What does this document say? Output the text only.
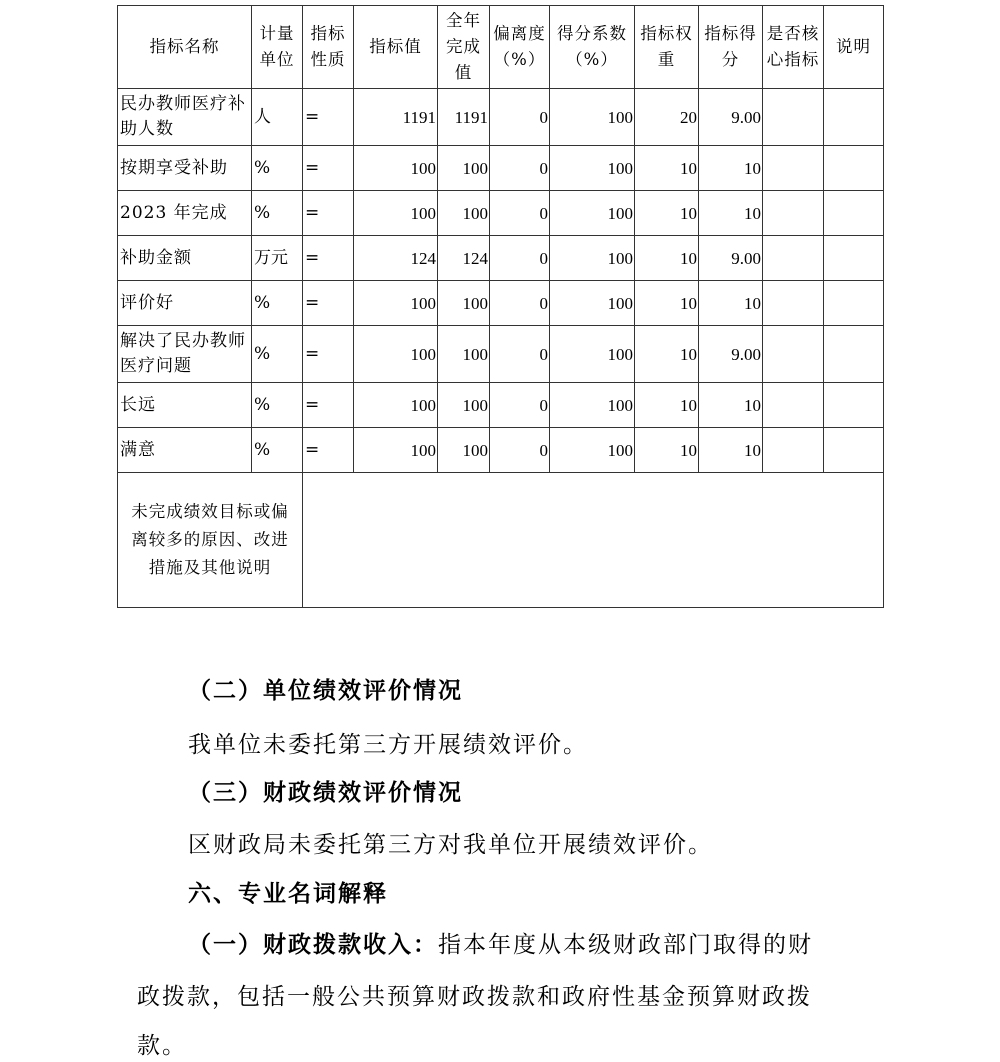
指标名称	计量单位	指标性质	指标值	全年完成值	偏离度（%）	得分系数（%）	指标权重	指标得分	是否核心指标	说明
民办教师医疗补助人数	人	=	1191	1191	0	100	20	9.00		
按期享受补助	%	=	100	100	0	100	10	10		
2023 年完成	%	=	100	100	0	100	10	10		
补助金额	万元	=	124	124	0	100	10	9.00		
评价好	%	=	100	100	0	100	10	10		
解决了民办教师医疗问题	%	=	100	100	0	100	10	9.00		
长远	%	=	100	100	0	100	10	10		
满意	%	=	100	100	0	100	10	10		
未完成绩效目标或偏离较多的原因、改进措施及其他说明										
（二）单位绩效评价情况
我单位未委托第三方开展绩效评价。
（三）财政绩效评价情况
区财政局未委托第三方对我单位开展绩效评价。
六、专业名词解释
（一）财政拨款收入：指本年度从本级财政部门取得的财
政拨款，包括一般公共预算财政拨款和政府性基金预算财政拨
款。
